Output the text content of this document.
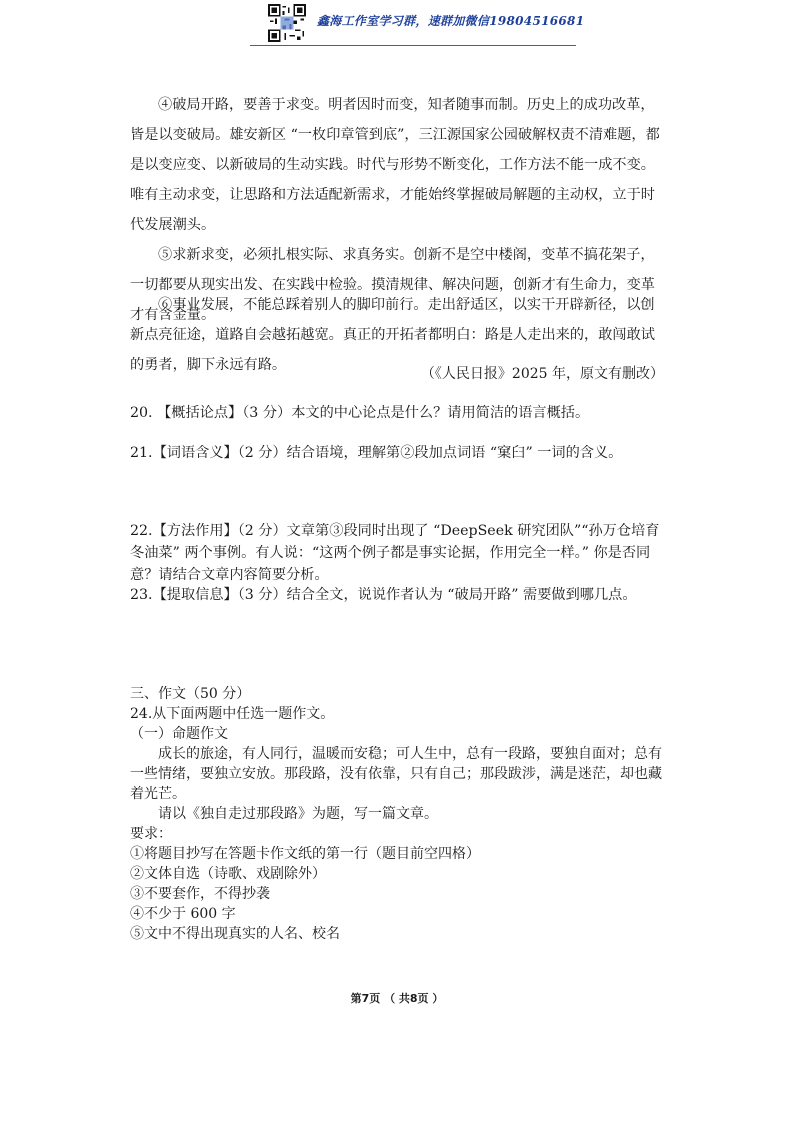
鑫海工作室学习群，速群加微信19804516681

④破局开路，要善于求变。明者因时而变，知者随事而制。历史上的成功改革，皆是以变破局。雄安新区 “一枚印章管到底”，三江源国家公园破解权责不清难题，都是以变应变、以新破局的生动实践。时代与形势不断变化，工作方法不能一成不变。唯有主动求变，让思路和方法适配新需求，才能始终掌握破局解题的主动权，立于时代发展潮头。

⑤求新求变，必须扎根实际、求真务实。创新不是空中楼阁，变革不搞花架子，一切都要从现实出发、在实践中检验。摸清规律、解决问题，创新才有生命力，变革才有含金量。

⑥事业发展，不能总踩着别人的脚印前行。走出舒适区，以实干开辟新径，以创新点亮征途，道路自会越拓越宽。真正的开拓者都明白：路是人走出来的，敢闯敢试的勇者，脚下永远有路。

（《人民日报》2025 年，原文有删改）

20. 【概括论点】（3 分）本文的中心论点是什么？请用简洁的语言概括。

21.【词语含义】（2 分）结合语境，理解第②段加点词语 “窠臼” 一词的含义。

22.【方法作用】（2 分）文章第③段同时出现了 “DeepSeek 研究团队”“孙万仓培育冬油菜” 两个事例。有人说：“这两个例子都是事实论据，作用完全一样。” 你是否同意？请结合文章内容简要分析。

23.【提取信息】（3 分）结合全文，说说作者认为 “破局开路” 需要做到哪几点。

三、作文（50 分）

24.从下面两题中任选一题作文。

（一）命题作文

成长的旅途，有人同行，温暖而安稳；可人生中，总有一段路，要独自面对；总有一些情绪，要独立安放。那段路，没有依靠，只有自己；那段跋涉，满是迷茫，却也藏着光芒。

请以《独自走过那段路》为题，写一篇文章。

要求：

①将题目抄写在答题卡作文纸的第一行（题目前空四格）

②文体自选（诗歌、戏剧除外）

③不要套作，不得抄袭

④不少于 600 字

⑤文中不得出现真实的人名、校名

第7页 （ 共8页 ）
